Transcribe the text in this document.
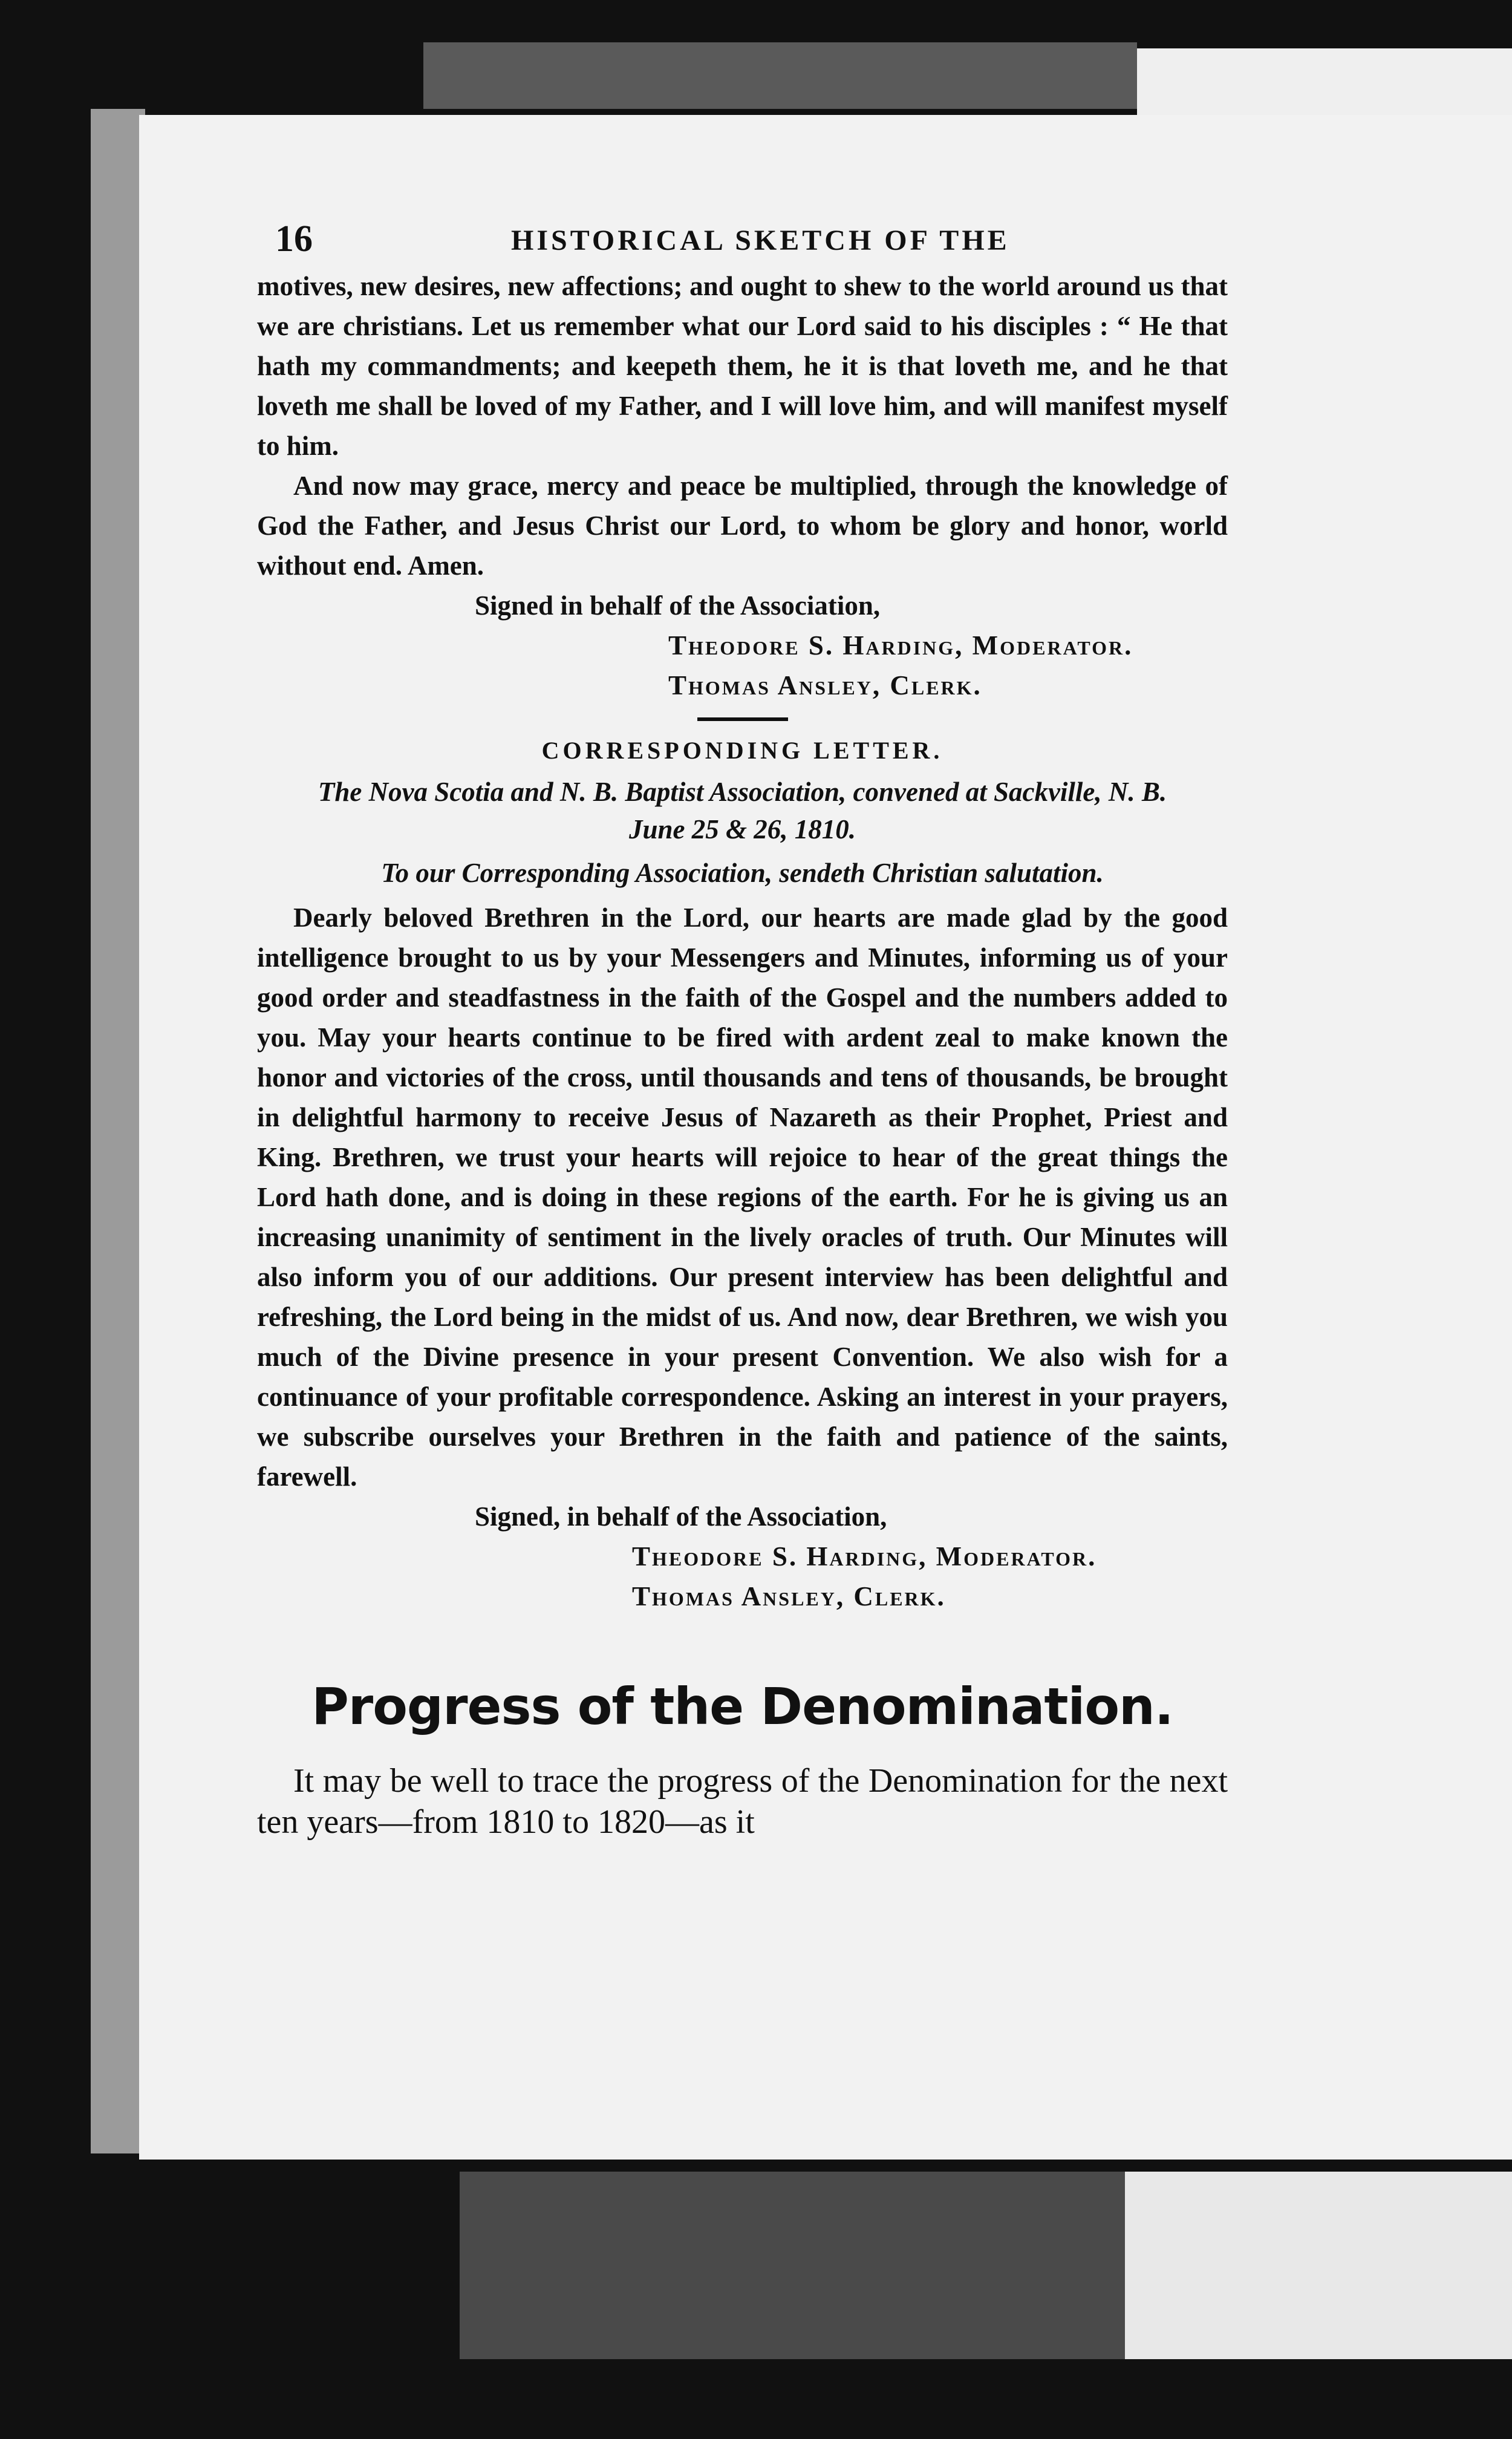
16	HISTORICAL SKETCH OF THE

motives, new desires, new affections; and ought to shew to the world around us that we are christians. Let us remember what our Lord said to his disciples : “ He that hath my commandments; and keepeth them, he it is that loveth me, and he that loveth me shall be loved of my Father, and I will love him, and will manifest myself to him.

And now may grace, mercy and peace be multiplied, through the knowledge of God the Father, and Jesus Christ our Lord, to whom be glory and honor, world without end. Amen.

Signed in behalf of the Association,

Theodore S. Harding, Moderator.

Thomas Ansley, Clerk.

CORRESPONDING LETTER.

The Nova Scotia and N. B. Baptist Association, convened at Sackville, N. B.

June 25 & 26, 1810.

To our Corresponding Association, sendeth Christian salutation.

Dearly beloved Brethren in the Lord, our hearts are made glad by the good intelligence brought to us by your Messengers and Minutes, informing us of your good order and steadfastness in the faith of the Gospel and the numbers added to you. May your hearts continue to be fired with ardent zeal to make known the honor and victories of the cross, until thousands and tens of thousands, be brought in delightful harmony to receive Jesus of Nazareth as their Prophet, Priest and King. Brethren, we trust your hearts will rejoice to hear of the great things the Lord hath done, and is doing in these regions of the earth. For he is giving us an increasing unanimity of sentiment in the lively oracles of truth. Our Minutes will also inform you of our additions. Our present interview has been delightful and refreshing, the Lord being in the midst of us. And now, dear Brethren, we wish you much of the Divine presence in your present Convention. We also wish for a continuance of your profitable correspondence. Asking an interest in your prayers, we subscribe ourselves your Brethren in the faith and patience of the saints, farewell.

Signed, in behalf of the Association,

Theodore S. Harding, Moderator.

Thomas Ansley, Clerk.

Progress of the Denomination.

It may be well to trace the progress of the Denomination for the next ten years—from 1810 to 1820—as it
